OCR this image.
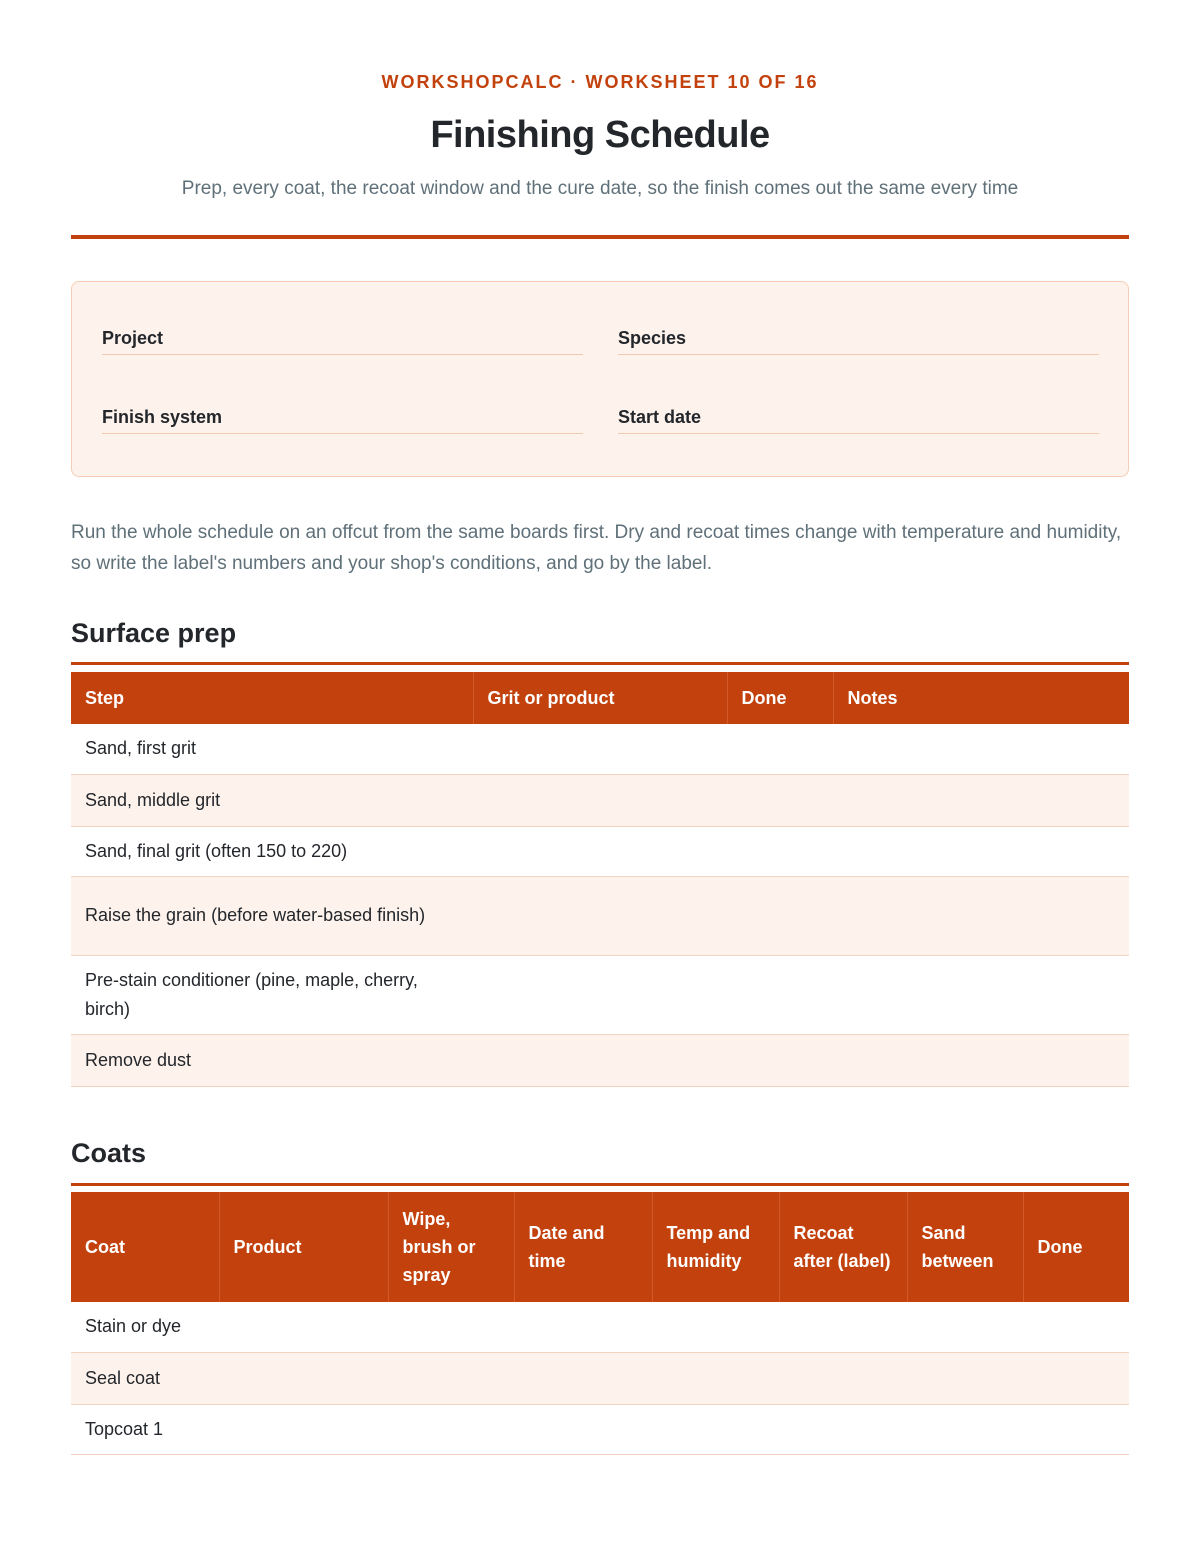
WORKSHOPCALC · WORKSHEET 10 OF 16
Finishing Schedule
Prep, every coat, the recoat window and the cure date, so the finish comes out the same every time
Project	Species
Finish system	Start date
Run the whole schedule on an offcut from the same boards first. Dry and recoat times change with temperature and humidity, so write the label's numbers and your shop's conditions, and go by the label.
Surface prep
Step	Grit or product	Done	Notes
Sand, first grit			
Sand, middle grit			
Sand, final grit (often 150 to 220)			
Raise the grain (before water-based finish)			
Pre-stain conditioner (pine, maple, cherry, birch)			
Remove dust			
Coats
Coat	Product	Wipe, brush or spray	Date and time	Temp and humidity	Recoat after (label)	Sand between	Done
Stain or dye							
Seal coat							
Topcoat 1							
